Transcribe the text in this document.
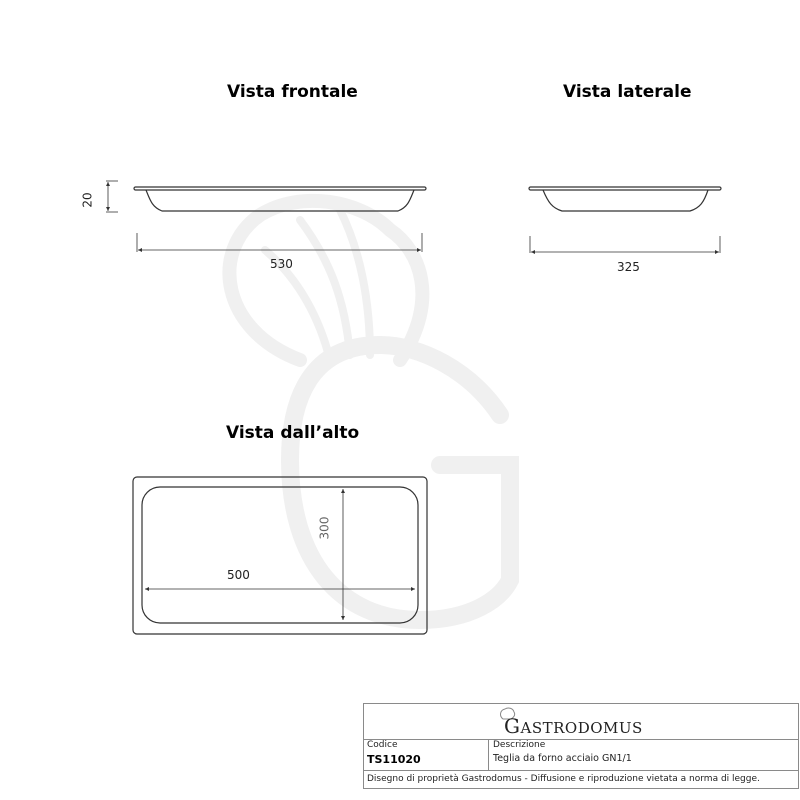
Vista frontale	Vista laterale
Vista dall’alto
20
530	325
500
300
GASTRODOMUS
Codice
TS11020
Descrizione
Teglia da forno acciaio GN1/1
Disegno di proprietà Gastrodomus - Diffusione e riproduzione vietata a norma di legge.
